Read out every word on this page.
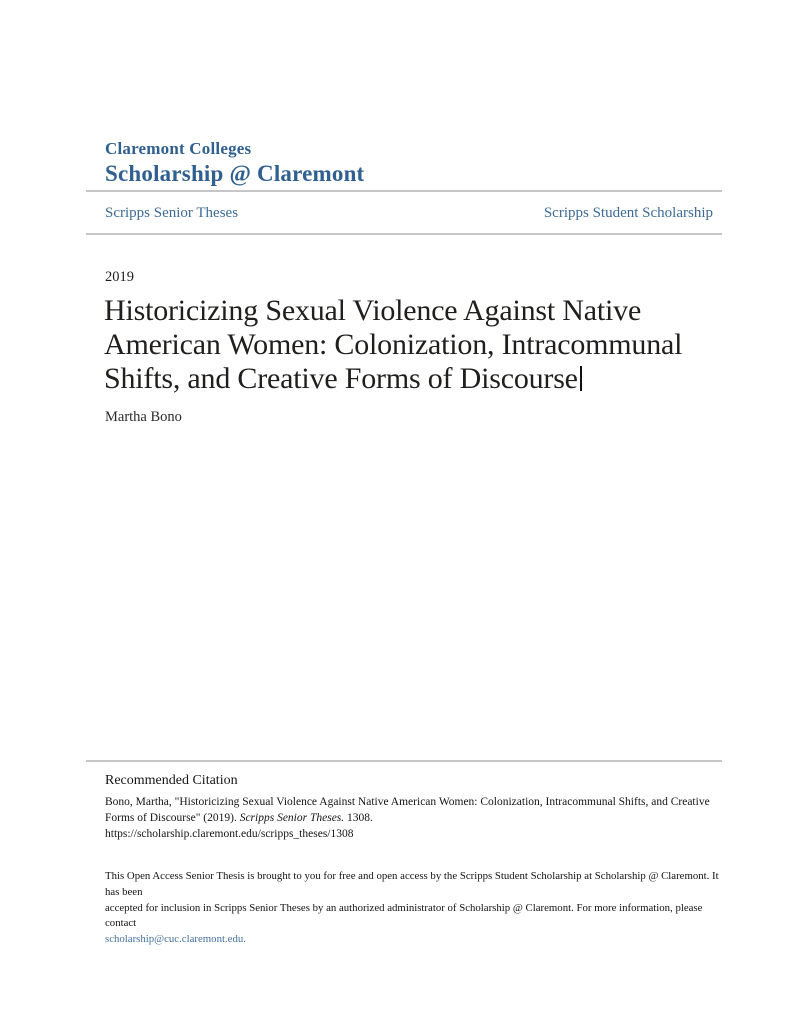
Claremont Colleges
Scholarship @ Claremont
Scripps Senior Theses	Scripps Student Scholarship
2019
Historicizing Sexual Violence Against Native
American Women: Colonization, Intracommunal
Shifts, and Creative Forms of Discourse
Martha Bono
Recommended Citation

Bono, Martha, "Historicizing Sexual Violence Against Native American Women: Colonization, Intracommunal Shifts, and Creative
Forms of Discourse" (2019). Scripps Senior Theses. 1308.
https://scholarship.claremont.edu/scripps_theses/1308

This Open Access Senior Thesis is brought to you for free and open access by the Scripps Student Scholarship at Scholarship @ Claremont. It has been
accepted for inclusion in Scripps Senior Theses by an authorized administrator of Scholarship @ Claremont. For more information, please contact
scholarship@cuc.claremont.edu.
